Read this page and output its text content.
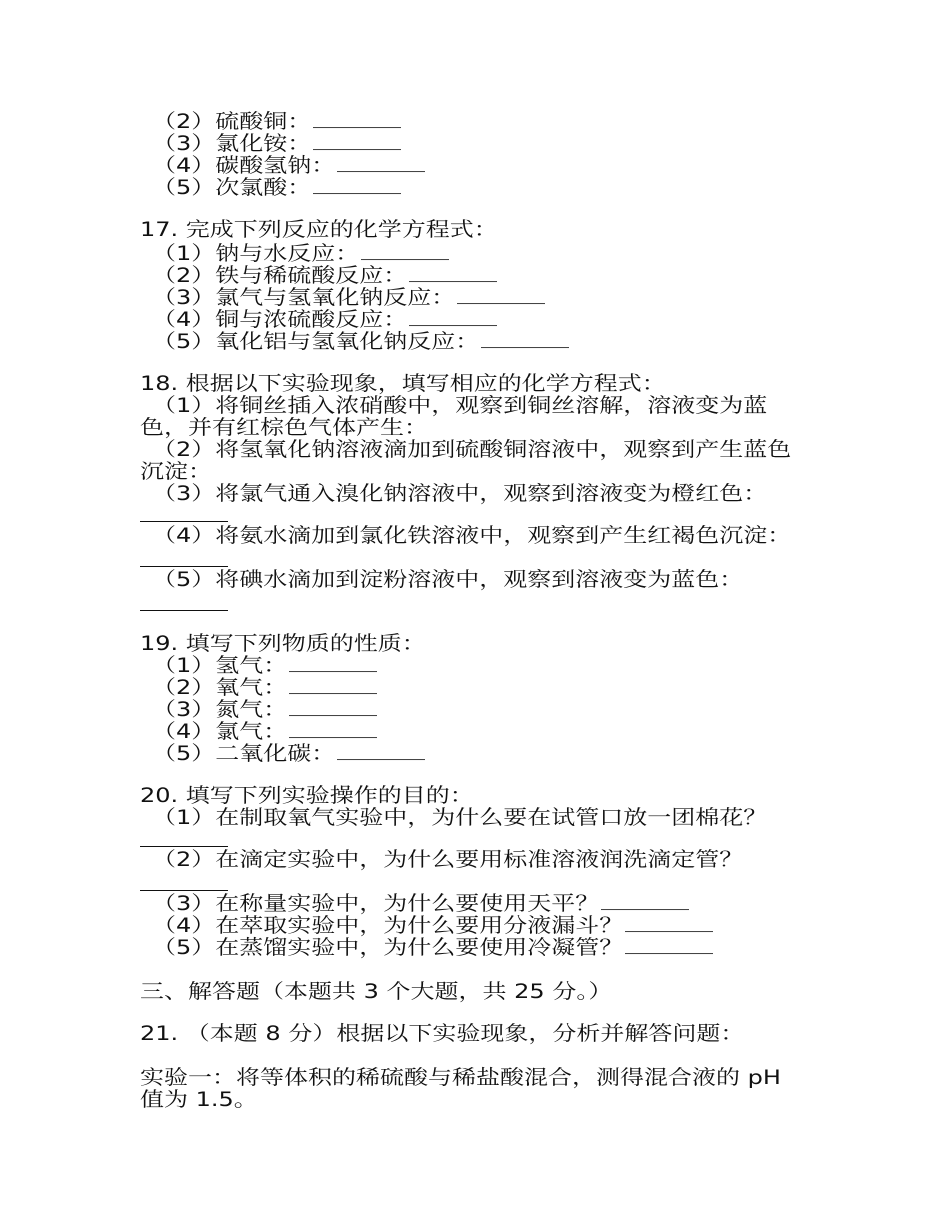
（2）硫酸铜：
（3）氯化铵：
（4）碳酸氢钠：
（5）次氯酸：
17. 完成下列反应的化学方程式：
（1）钠与水反应：
（2）铁与稀硫酸反应：
（3）氯气与氢氧化钠反应：
（4）铜与浓硫酸反应：
（5）氧化铝与氢氧化钠反应：
18. 根据以下实验现象，填写相应的化学方程式：
（1）将铜丝插入浓硝酸中，观察到铜丝溶解，溶液变为蓝
色，并有红棕色气体产生：
（2）将氢氧化钠溶液滴加到硫酸铜溶液中，观察到产生蓝色
沉淀：
（3）将氯气通入溴化钠溶液中，观察到溶液变为橙红色：
（4）将氨水滴加到氯化铁溶液中，观察到产生红褐色沉淀：
（5）将碘水滴加到淀粉溶液中，观察到溶液变为蓝色：
19. 填写下列物质的性质：
（1）氢气：
（2）氧气：
（3）氮气：
（4）氯气：
（5）二氧化碳：
20. 填写下列实验操作的目的：
（1）在制取氧气实验中，为什么要在试管口放一团棉花？
（2）在滴定实验中，为什么要用标准溶液润洗滴定管？
（3）在称量实验中，为什么要使用天平？
（4）在萃取实验中，为什么要用分液漏斗？
（5）在蒸馏实验中，为什么要使用冷凝管？
三、解答题（本题共 3 个大题，共 25 分。）
21. （本题 8 分）根据以下实验现象，分析并解答问题：
实验一：将等体积的稀硫酸与稀盐酸混合，测得混合液的 pH
值为 1.5。
